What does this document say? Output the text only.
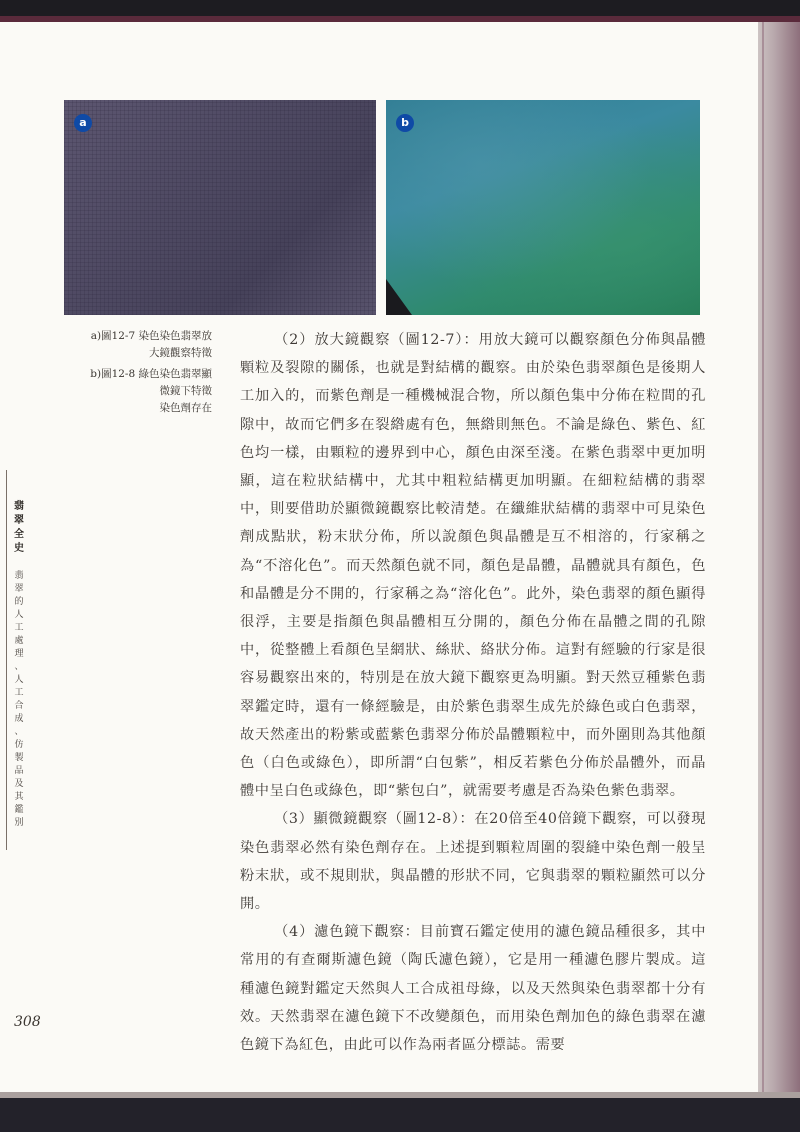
a	b

a)圖12-7 染色染色翡翠放
大鏡觀察特徵

b)圖12-8 綠色染色翡翠顯
微鏡下特徵
染色劑存在

（2）放大鏡觀察（圖12-7）：用放大鏡可以觀察顏色分佈與晶體顆粒及裂隙的關係，也就是對結構的觀察。由於染色翡翠顏色是後期人工加入的，而紫色劑是一種機械混合物，所以顏色集中分佈在粒間的孔隙中，故而它們多在裂綹處有色，無綹則無色。不論是綠色、紫色、紅色均一樣，由顆粒的邊界到中心，顏色由深至淺。在紫色翡翠中更加明顯，這在粒狀結構中，尤其中粗粒結構更加明顯。在細粒結構的翡翠中，則要借助於顯微鏡觀察比較清楚。在纖維狀結構的翡翠中可見染色劑成點狀，粉末狀分佈，所以說顏色與晶體是互不相溶的，行家稱之為“不溶化色”。而天然顏色就不同，顏色是晶體，晶體就具有顏色，色和晶體是分不開的，行家稱之為“溶化色”。此外，染色翡翠的顏色顯得很浮，主要是指顏色與晶體相互分開的，顏色分佈在晶體之間的孔隙中，從整體上看顏色呈網狀、絲狀、絡狀分佈。這對有經驗的行家是很容易觀察出來的，特別是在放大鏡下觀察更為明顯。對天然豆種紫色翡翠鑑定時，還有一條經驗是，由於紫色翡翠生成先於綠色或白色翡翠，故天然產出的粉紫或藍紫色翡翠分佈於晶體顆粒中，而外圍則為其他顏色（白色或綠色），即所謂“白包紫”，相反若紫色分佈於晶體外，而晶體中呈白色或綠色，即“紫包白”，就需要考慮是否為染色紫色翡翠。

（3）顯微鏡觀察（圖12-8）：在20倍至40倍鏡下觀察，可以發現染色翡翠必然有染色劑存在。上述提到顆粒周圍的裂縫中染色劑一般呈粉末狀，或不規則狀，與晶體的形狀不同，它與翡翠的顆粒顯然可以分開。

（4）濾色鏡下觀察：目前寶石鑑定使用的濾色鏡品種很多，其中常用的有查爾斯濾色鏡（陶氏濾色鏡），它是用一種濾色膠片製成。這種濾色鏡對鑑定天然與人工合成祖母綠，以及天然與染色翡翠都十分有效。天然翡翠在濾色鏡下不改變顏色，而用染色劑加色的綠色翡翠在濾色鏡下為紅色，由此可以作為兩者區分標誌。需要

翡
翠
全
史
翡
翠
的
人
工
處
理
、
人
工
合
成
、
仿
製
品
及
其
鑑
別
308
